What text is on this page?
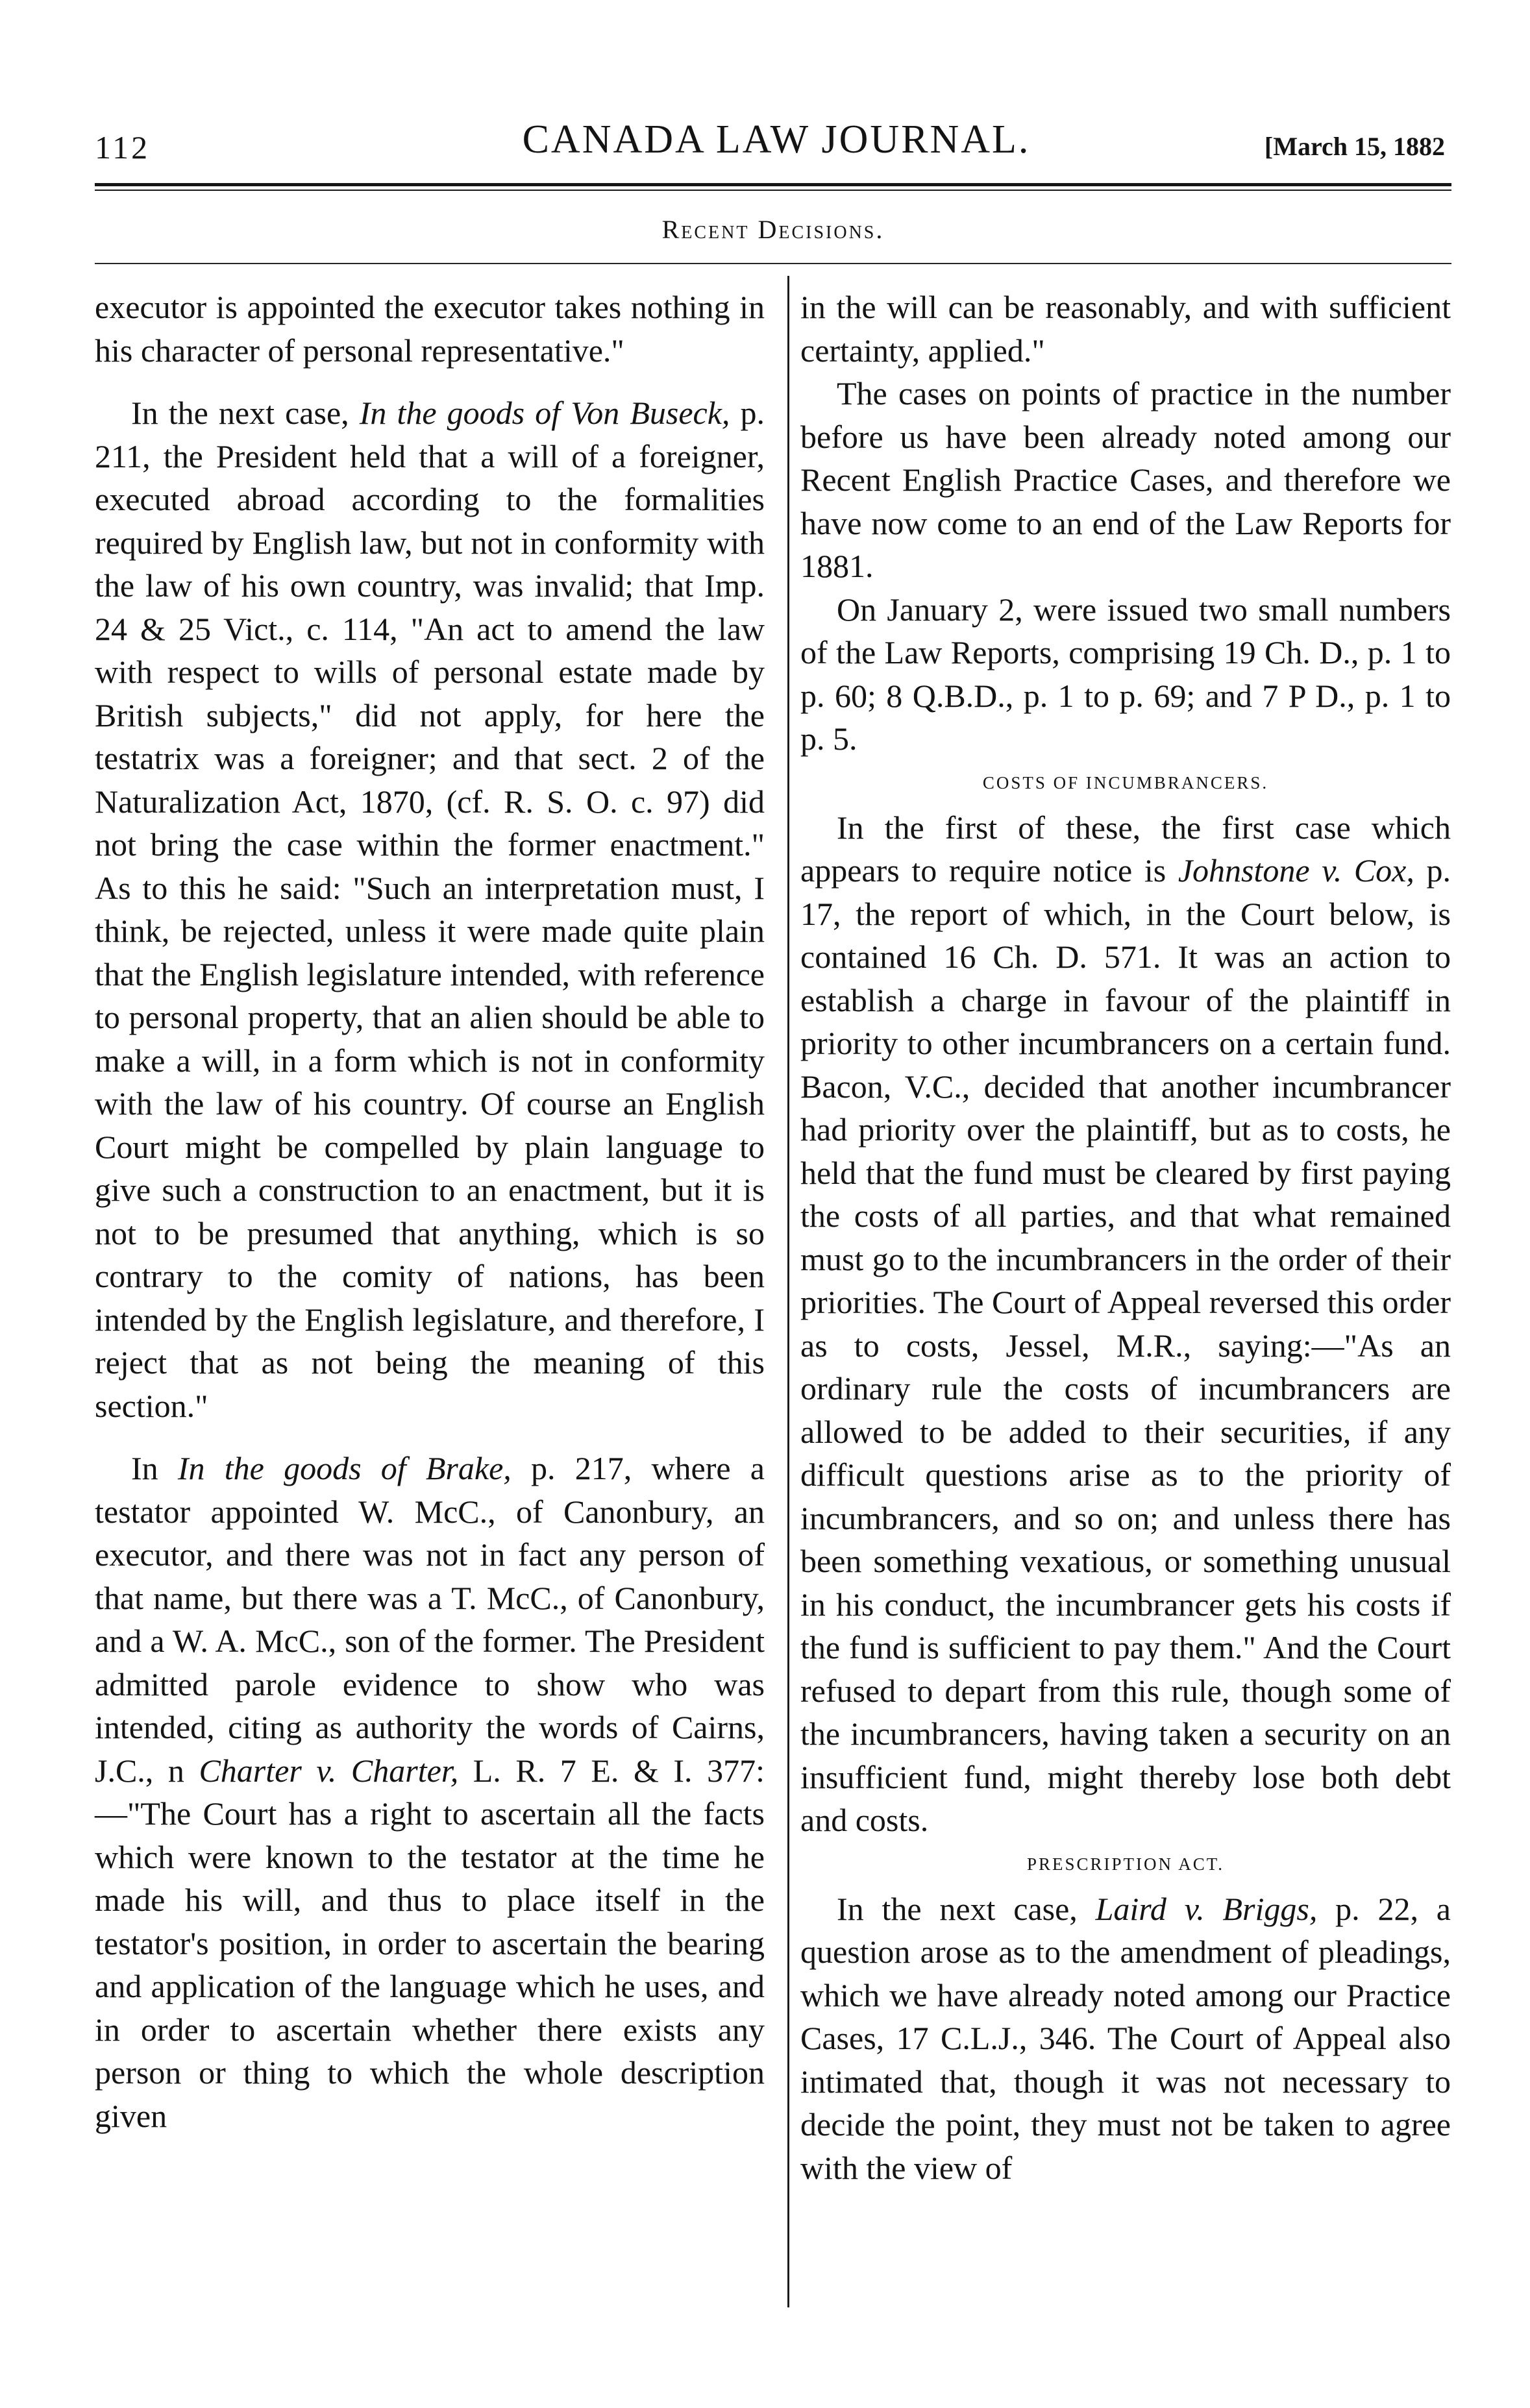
112	CANADA LAW JOURNAL.	[March 15, 1882
Recent Decisions.

executor is appointed the executor takes nothing in his character of personal representative."

In the next case, In the goods of Von Buseck, p. 211, the President held that a will of a foreigner, executed abroad according to the formalities required by English law, but not in conformity with the law of his own country, was invalid; that Imp. 24 & 25 Vict., c. 114, "An act to amend the law with respect to wills of personal estate made by British subjects," did not apply, for here the testatrix was a foreigner; and that sect. 2 of the Naturalization Act, 1870, (cf. R. S. O. c. 97) did not bring the case within the former enactment." As to this he said: "Such an interpretation must, I think, be rejected, unless it were made quite plain that the English legislature intended, with reference to personal property, that an alien should be able to make a will, in a form which is not in conformity with the law of his country. Of course an English Court might be compelled by plain language to give such a construction to an enactment, but it is not to be presumed that anything, which is so contrary to the comity of nations, has been intended by the English legislature, and therefore, I reject that as not being the meaning of this section."

In In the goods of Brake, p. 217, where a testator appointed W. McC., of Canonbury, an executor, and there was not in fact any person of that name, but there was a T. McC., of Canonbury, and a W. A. McC., son of the former. The President admitted parole evidence to show who was intended, citing as authority the words of Cairns, J.C., n Charter v. Charter, L. R. 7 E. & I. 377:—"The Court has a right to ascertain all the facts which were known to the testator at the time he made his will, and thus to place itself in the testator's position, in order to ascertain the bearing and application of the language which he uses, and in order to ascertain whether there exists any person or thing to which the whole description given

in the will can be reasonably, and with sufficient certainty, applied."

The cases on points of practice in the number before us have been already noted among our Recent English Practice Cases, and therefore we have now come to an end of the Law Reports for 1881.

On January 2, were issued two small numbers of the Law Reports, comprising 19 Ch. D., p. 1 to p. 60; 8 Q.B.D., p. 1 to p. 69; and 7 P D., p. 1 to p. 5.

COSTS OF INCUMBRANCERS.

In the first of these, the first case which appears to require notice is Johnstone v. Cox, p. 17, the report of which, in the Court below, is contained 16 Ch. D. 571. It was an action to establish a charge in favour of the plaintiff in priority to other incumbrancers on a certain fund. Bacon, V.C., decided that another incumbrancer had priority over the plaintiff, but as to costs, he held that the fund must be cleared by first paying the costs of all parties, and that what remained must go to the incumbrancers in the order of their priorities. The Court of Appeal reversed this order as to costs, Jessel, M.R., saying:—"As an ordinary rule the costs of incumbrancers are allowed to be added to their securities, if any difficult questions arise as to the priority of incumbrancers, and so on; and unless there has been something vexatious, or something unusual in his conduct, the incumbrancer gets his costs if the fund is sufficient to pay them." And the Court refused to depart from this rule, though some of the incumbrancers, having taken a security on an insufficient fund, might thereby lose both debt and costs.

PRESCRIPTION ACT.

In the next case, Laird v. Briggs, p. 22, a question arose as to the amendment of pleadings, which we have already noted among our Practice Cases, 17 C.L.J., 346. The Court of Appeal also intimated that, though it was not necessary to decide the point, they must not be taken to agree with the view of
